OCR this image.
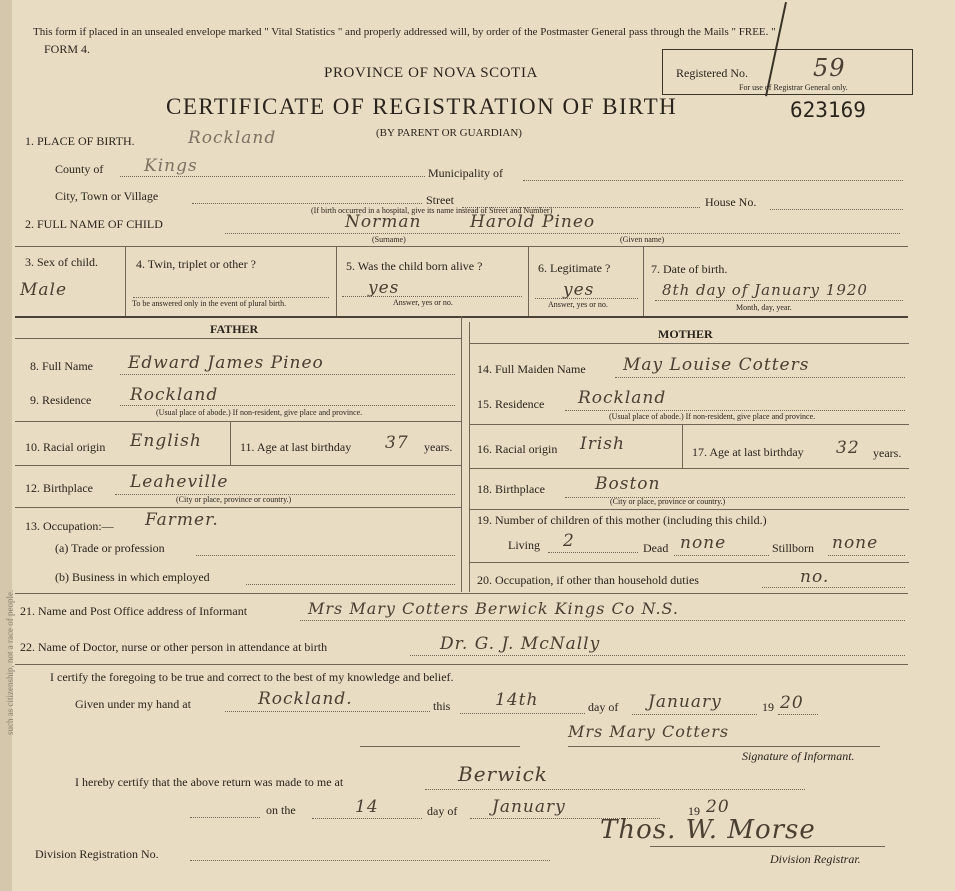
such as citizenship, not a race of people.
This form if placed in an unsealed envelope marked " Vital Statistics " and properly addressed will, by order of the Postmaster General pass through the Mails " FREE. "
FORM 4.
PROVINCE OF NOVA SCOTIA
CERTIFICATE OF REGISTRATION OF BIRTH
(BY PARENT OR GUARDIAN)
Registered No.
For use of Registrar General only.
59
623169
1. PLACE OF BIRTH.	Rockland
County of Kings	Municipality of
City, Town or Village	Street
(If birth occurred in a hospital, give its name instead of Street and Number)
House No.
2. FULL NAME OF CHILD	Norman	Harold Pineo
(Surname)	(Given name)
3. Sex of child.
Male
4. Twin, triplet or other ?
To be answered only in the event of plural birth.
5. Was the child born alive ?
yes
Answer, yes or no.
6. Legitimate ?
yes
Answer, yes or no.
7. Date of birth.
8th day of January 1920
Month, day, year.
FATHER	MOTHER
8. Full Name Edward James Pineo
9. Residence Rockland
(Usual place of abode.) If non-resident, give place and province.
10. Racial origin English	11. Age at last birthday 37 years.
12. Birthplace Leaheville
(City or place, province or country.)
13. Occupation:— Farmer.
(a) Trade or profession
(b) Business in which employed
14. Full Maiden Name May Louise Cotters
15. Residence Rockland
(Usual place of abode.) If non-resident, give place and province.
16. Racial origin Irish	17. Age at last birthday 32 years.
18. Birthplace	Boston
(City or place, province or country.)
19. Number of children of this mother (including this child.)
Living 2	Dead none	Stillborn none
20. Occupation, if other than household duties	no.
21. Name and Post Office address of Informant	Mrs Mary Cotters Berwick Kings Co N.S.
22. Name of Doctor, nurse or other person in attendance at birth	Dr. G. J. McNally
I certify the foregoing to be true and correct to the best of my knowledge and belief.
Given under my hand at	Rockland.	this	14th	day of January	19 20
Mrs Mary Cotters
Signature of Informant.
I hereby certify that the above return was made to me at	Berwick
on the	14	day of January	19 20
Thos. W. Morse
Division Registration No.	Division Registrar.
